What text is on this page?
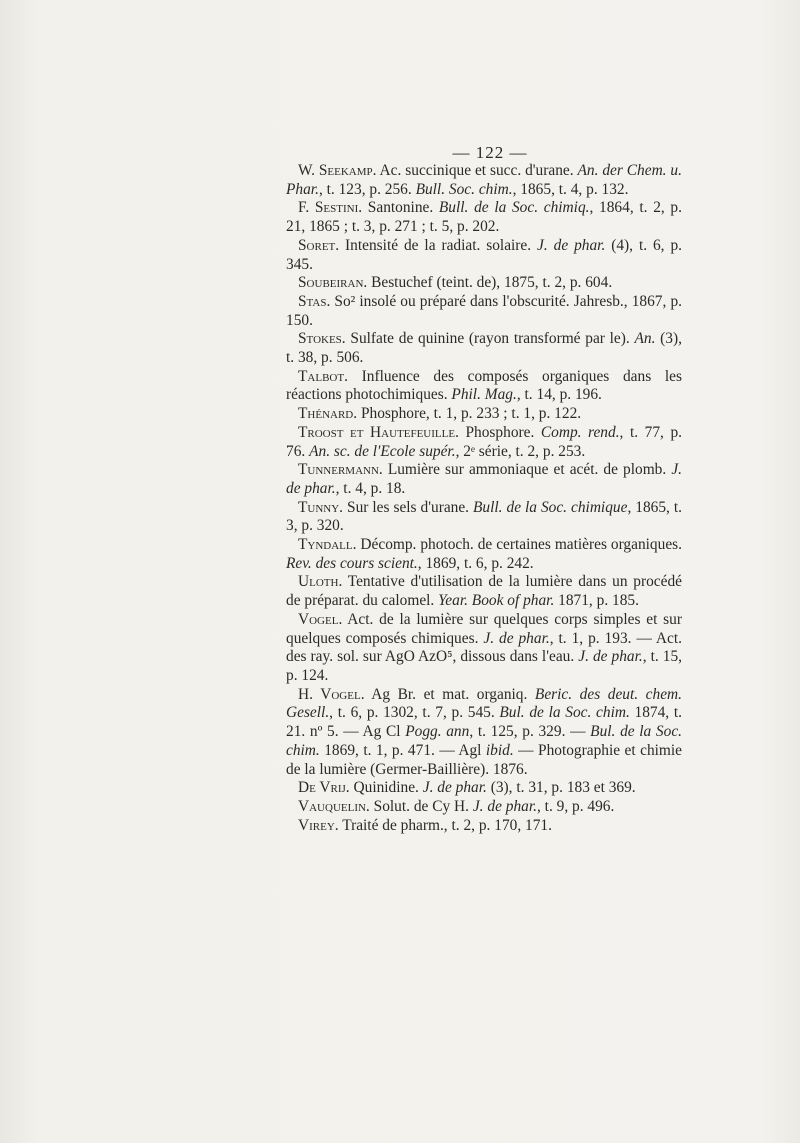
— 122 —

W. Seekamp. Ac. succinique et succ. d'urane. An. der Chem. u. Phar., t. 123, p. 256. Bull. Soc. chim., 1865, t. 4, p. 132.

F. Sestini. Santonine. Bull. de la Soc. chimiq., 1864, t. 2, p. 21, 1865 ; t. 3, p. 271 ; t. 5, p. 202.

Soret. Intensité de la radiat. solaire. J. de phar. (4), t. 6, p. 345.

Soubeiran. Bestuchef (teint. de), 1875, t. 2, p. 604.

Stas. So² insolé ou préparé dans l'obscurité. Jahresb., 1867, p. 150.

Stokes. Sulfate de quinine (rayon transformé par le). An. (3), t. 38, p. 506.

Talbot. Influence des composés organiques dans les réactions photochimiques. Phil. Mag., t. 14, p. 196.

Thénard. Phosphore, t. 1, p. 233 ; t. 1, p. 122.

Troost et Hautefeuille. Phosphore. Comp. rend., t. 77, p. 76. An. sc. de l'Ecole supér., 2ᵉ série, t. 2, p. 253.

Tunnermann. Lumière sur ammoniaque et acét. de plomb. J. de phar., t. 4, p. 18.

Tunny. Sur les sels d'urane. Bull. de la Soc. chimique, 1865, t. 3, p. 320.

Tyndall. Décomp. photoch. de certaines matières organiques. Rev. des cours scient., 1869, t. 6, p. 242.

Uloth. Tentative d'utilisation de la lumière dans un procédé de préparat. du calomel. Year. Book of phar. 1871, p. 185.

Vogel. Act. de la lumière sur quelques corps simples et sur quelques composés chimiques. J. de phar., t. 1, p. 193. — Act. des ray. sol. sur AgO AzO⁵, dissous dans l'eau. J. de phar., t. 15, p. 124.

H. Vogel. Ag Br. et mat. organiq. Beric. des deut. chem. Gesell., t. 6, p. 1302, t. 7, p. 545. Bul. de la Soc. chim. 1874, t. 21. nº 5. — Ag Cl Pogg. ann, t. 125, p. 329. — Bul. de la Soc. chim. 1869, t. 1, p. 471. — Agl ibid. — Photographie et chimie de la lumière (Germer-Baillière). 1876.

De Vrij. Quinidine. J. de phar. (3), t. 31, p. 183 et 369.

Vauquelin. Solut. de Cy H. J. de phar., t. 9, p. 496.

Virey. Traité de pharm., t. 2, p. 170, 171.
